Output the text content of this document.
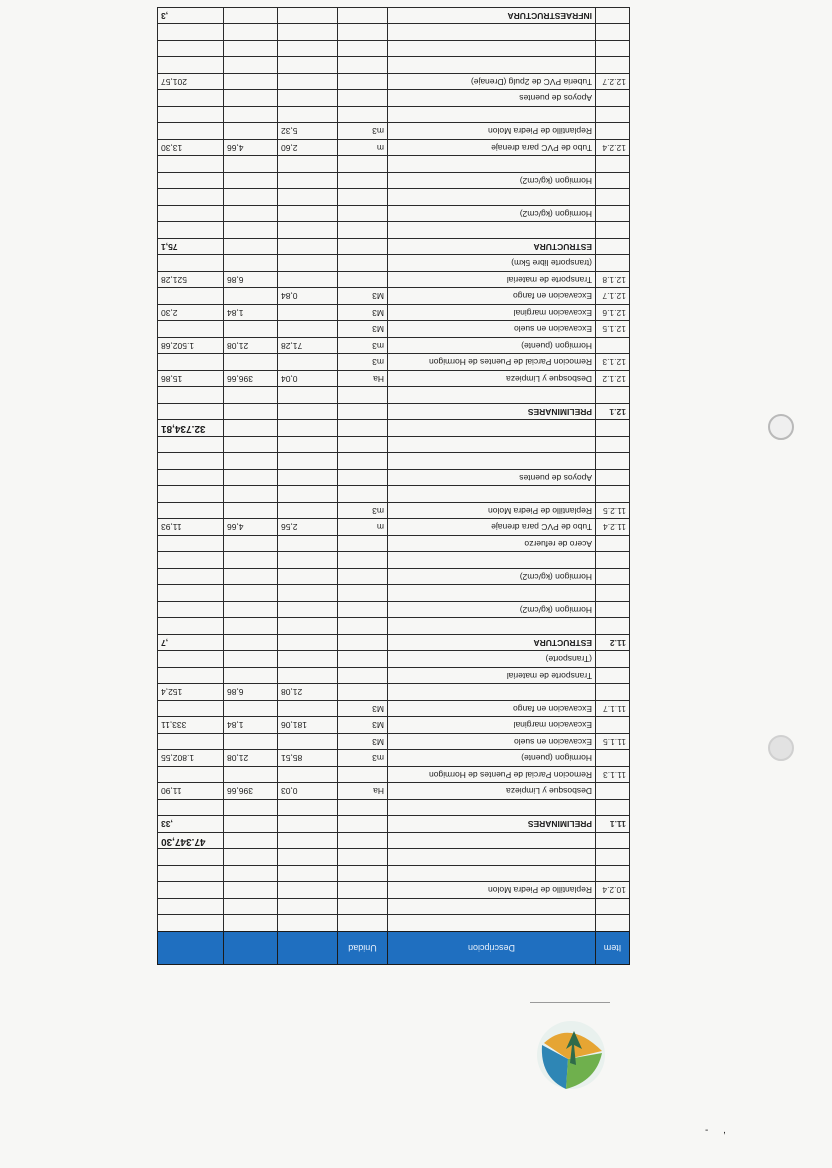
Item	Descripcion	Unidad			

10.2.4	Replantillo de Piedra Molon				

					47.347,30
11.1	PRELIMINARES				,33

	Desbosque y Limpieza	Ha	0,03	396,66	11,90
11.1.3	Remocion Parcial de Puentes de Hormigon				
	Hormigon (puente)	m3	85,51	21,08	1.802,55
11.1.5	Excavacion en suelo	M3			
	Excavacion marginal	M3	181,06	1,84	333,11
11.1.7	Excavacion en fango	M3			
			21,08	6,86	152,4
	Transporte de material				
	(Transporte)				
11.2	ESTRUCTURA				,7

	Hormigon (kg/cm2)				

	Hormigon (kg/cm2)				

	Acero de refuerzo				
11.2.4	Tubo de PVC para drenaje	m	2,56	4,66	11,93
11.2.5	Replantillo de Piedra Molon	m3			

	Apoyos de puentes				

					32.734,81
12.1	PRELIMINARES				

12.1.2	Desbosque y Limpieza	Ha	0,04	396,66	15,86
12.1.3	Remocion Parcial de Puentes de Hormigon	m3			
	Hormigon (puente)	m3	71,28	21,08	1.502,68
12.1.5	Excavacion en suelo	M3			
12.1.6	Excavacion marginal	M3		1,84	2,30
12.1.7	Excavacion en fango	M3	0,84		
12.1.8	Transporte de material			6,86	521,28
	(transporte libre 5km)				
	ESTRUCTURA				75,1

	Hormigon (kg/cm2)				

	Hormigon (kg/cm2)				

12.2.4	Tubo de PVC para drenaje	m	2,60	4,66	13,30
	Replantillo de Piedra Molon	m3	5,32		

	Apoyos de puentes				
12.2.7	Tuberia PVC de 2pulg (Drenaje)				201,57

	INFRAESTRUCTURA				,3
- ,
